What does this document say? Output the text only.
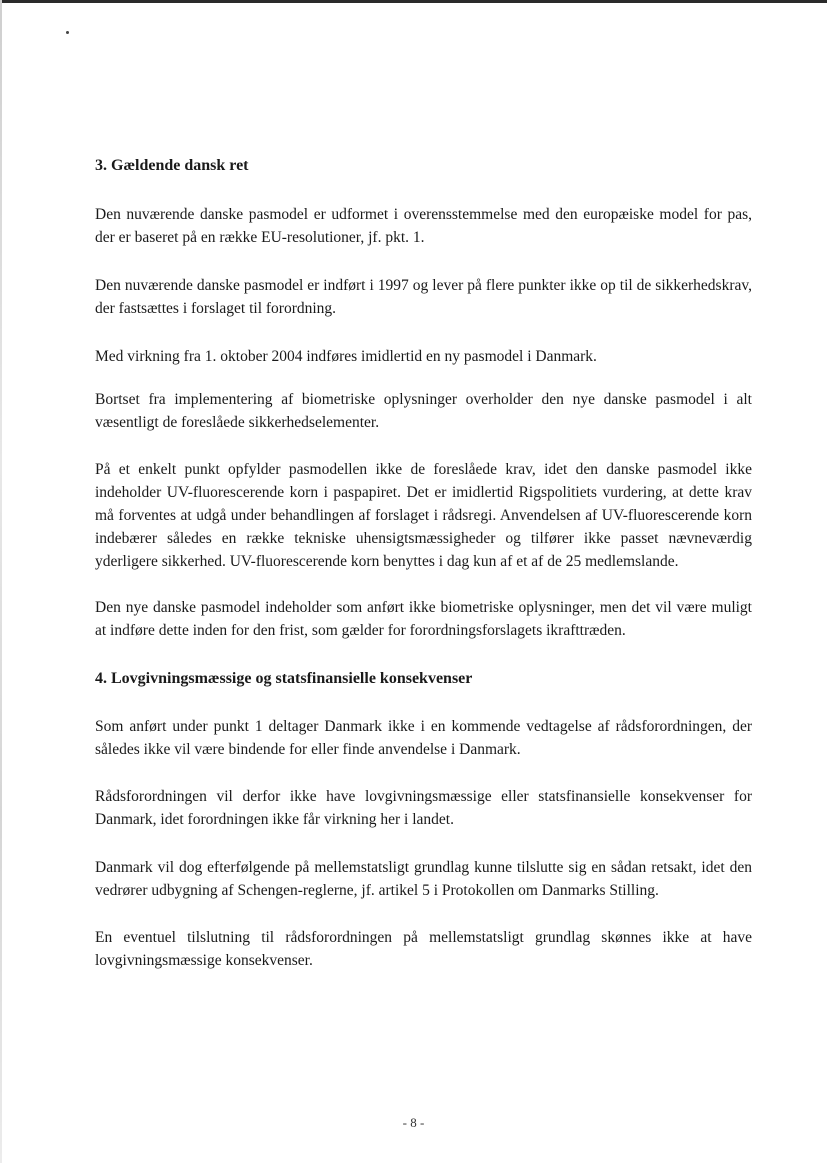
3. Gældende dansk ret

Den nuværende danske pasmodel er udformet i overensstemmelse med den europæiske model for pas, der er baseret på en række EU-resolutioner, jf. pkt. 1.

Den nuværende danske pasmodel er indført i 1997 og lever på flere punkter ikke op til de sikkerhedskrav, der fastsættes i forslaget til forordning.

Med virkning fra 1. oktober 2004 indføres imidlertid en ny pasmodel i Danmark.

Bortset fra implementering af biometriske oplysninger overholder den nye danske pasmodel i alt væsentligt de foreslåede sikkerhedselementer.

På et enkelt punkt opfylder pasmodellen ikke de foreslåede krav, idet den danske pasmodel ikke indeholder UV-fluorescerende korn i paspapiret. Det er imidlertid Rigspolitiets vurdering, at dette krav må forventes at udgå under behandlingen af forslaget i rådsregi. Anvendelsen af UV-fluorescerende korn indebærer således en række tekniske uhensigtsmæssigheder og tilfører ikke passet nævneværdig yderligere sikkerhed. UV-fluorescerende korn benyttes i dag kun af et af de 25 medlemslande.

Den nye danske pasmodel indeholder som anført ikke biometriske oplysninger, men det vil være muligt at indføre dette inden for den frist, som gælder for forordningsforslagets ikrafttræden.

4. Lovgivningsmæssige og statsfinansielle konsekvenser

Som anført under punkt 1 deltager Danmark ikke i en kommende vedtagelse af rådsforordningen, der således ikke vil være bindende for eller finde anvendelse i Danmark.

Rådsforordningen vil derfor ikke have lovgivningsmæssige eller statsfinansielle konsekvenser for Danmark, idet forordningen ikke får virkning her i landet.

Danmark vil dog efterfølgende på mellemstatsligt grundlag kunne tilslutte sig en sådan retsakt, idet den vedrører udbygning af Schengen-reglerne, jf. artikel 5 i Protokollen om Danmarks Stilling.

En eventuel tilslutning til rådsforordningen på mellemstatsligt grundlag skønnes ikke at have lovgivningsmæssige konsekvenser.

- 8 -
